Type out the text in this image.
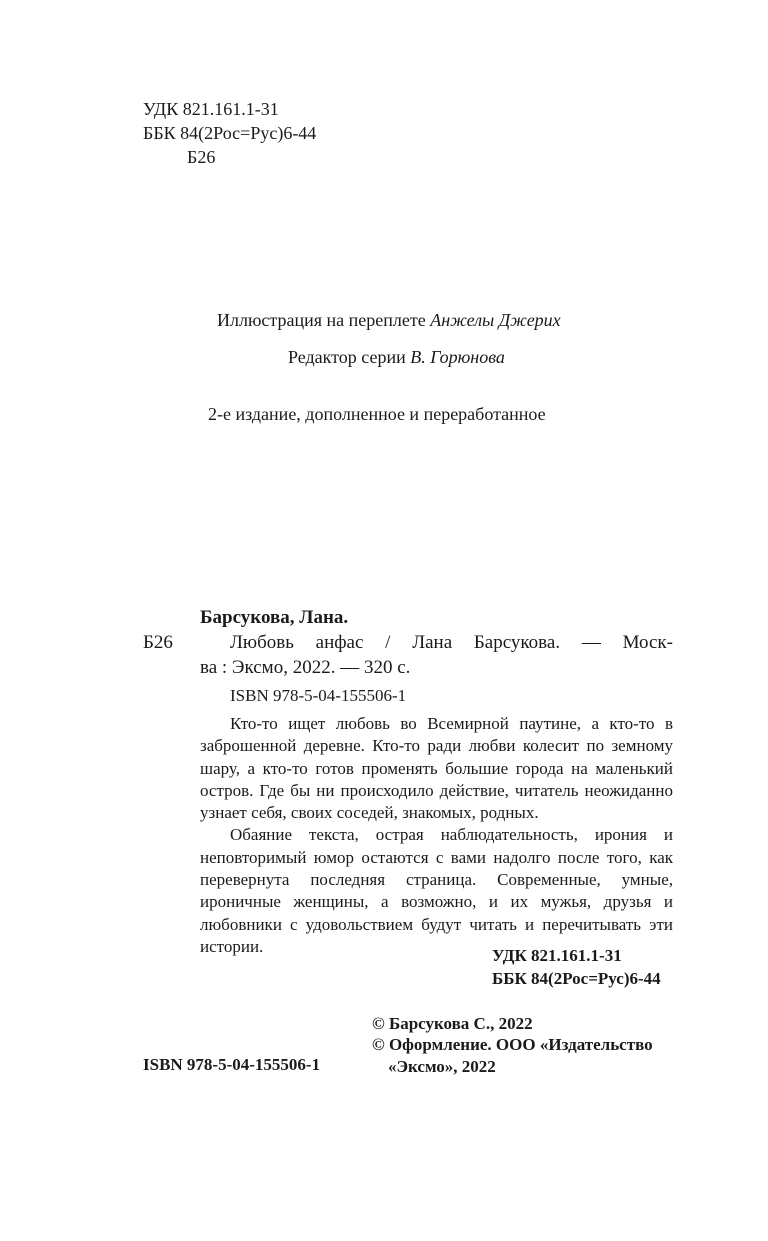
УДК 821.161.1-31
ББК 84(2Рос=Рус)6-44
Б26
Иллюстрация на переплете Анжелы Джерих
Редактор серии В. Горюнова
2-е издание, дополненное и переработанное
Барсукова, Лана.
Б26	Любовь анфас / Лана Барсукова. — Моск-
ва : Эксмо, 2022. — 320 с.
ISBN 978-5-04-155506-1

Кто-то ищет любовь во Всемирной паутине, а кто-то в заброшенной деревне. Кто-то ради любви колесит по земному шару, а кто-то готов променять большие города на маленький остров. Где бы ни происходило действие, читатель неожиданно узнает себя, своих соседей, знакомых, родных.

Обаяние текста, острая наблюдательность, ирония и неповторимый юмор остаются с вами надолго после того, как перевернута последняя страница. Современные, умные, ироничные женщины, а возможно, и их мужья, друзья и любовники с удовольствием будут читать и перечитывать эти истории.	УДК 821.161.1-31
ББК 84(2Рос=Рус)6-44
© Барсукова С., 2022
© Оформление. ООО «Издательство
«Эксмо», 2022
ISBN 978-5-04-155506-1
